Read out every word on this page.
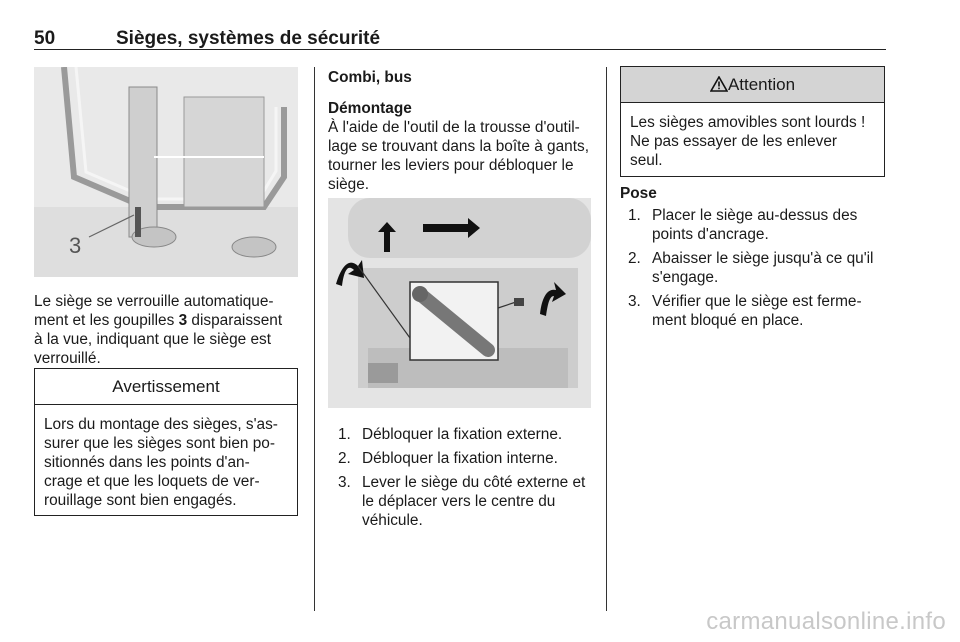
50	Sièges, systèmes de sécurité
3
Le siège se verrouille automatique-
ment et les goupilles 3 disparaissent
à la vue, indiquant que le siège est
verrouillé.
Avertissement
Lors du montage des sièges, s'as-
surer que les sièges sont bien po-
sitionnés dans les points d'an-
crage et que les loquets de ver-
rouillage sont bien engagés.
Combi, bus
Démontage
À l'aide de l'outil de la trousse d'outil-
lage se trouvant dans la boîte à gants,
tourner les leviers pour débloquer le
siège.
1. Débloquer la fixation externe.
2. Débloquer la fixation interne.
3. Lever le siège du côté externe et
le déplacer vers le centre du
véhicule.
Attention
Les sièges amovibles sont lourds !
Ne pas essayer de les enlever
seul.
Pose
1. Placer le siège au-dessus des
points d'ancrage.
2. Abaisser le siège jusqu'à ce qu'il
s'engage.
3. Vérifier que le siège est ferme-
ment bloqué en place.
carmanualsonline.info
